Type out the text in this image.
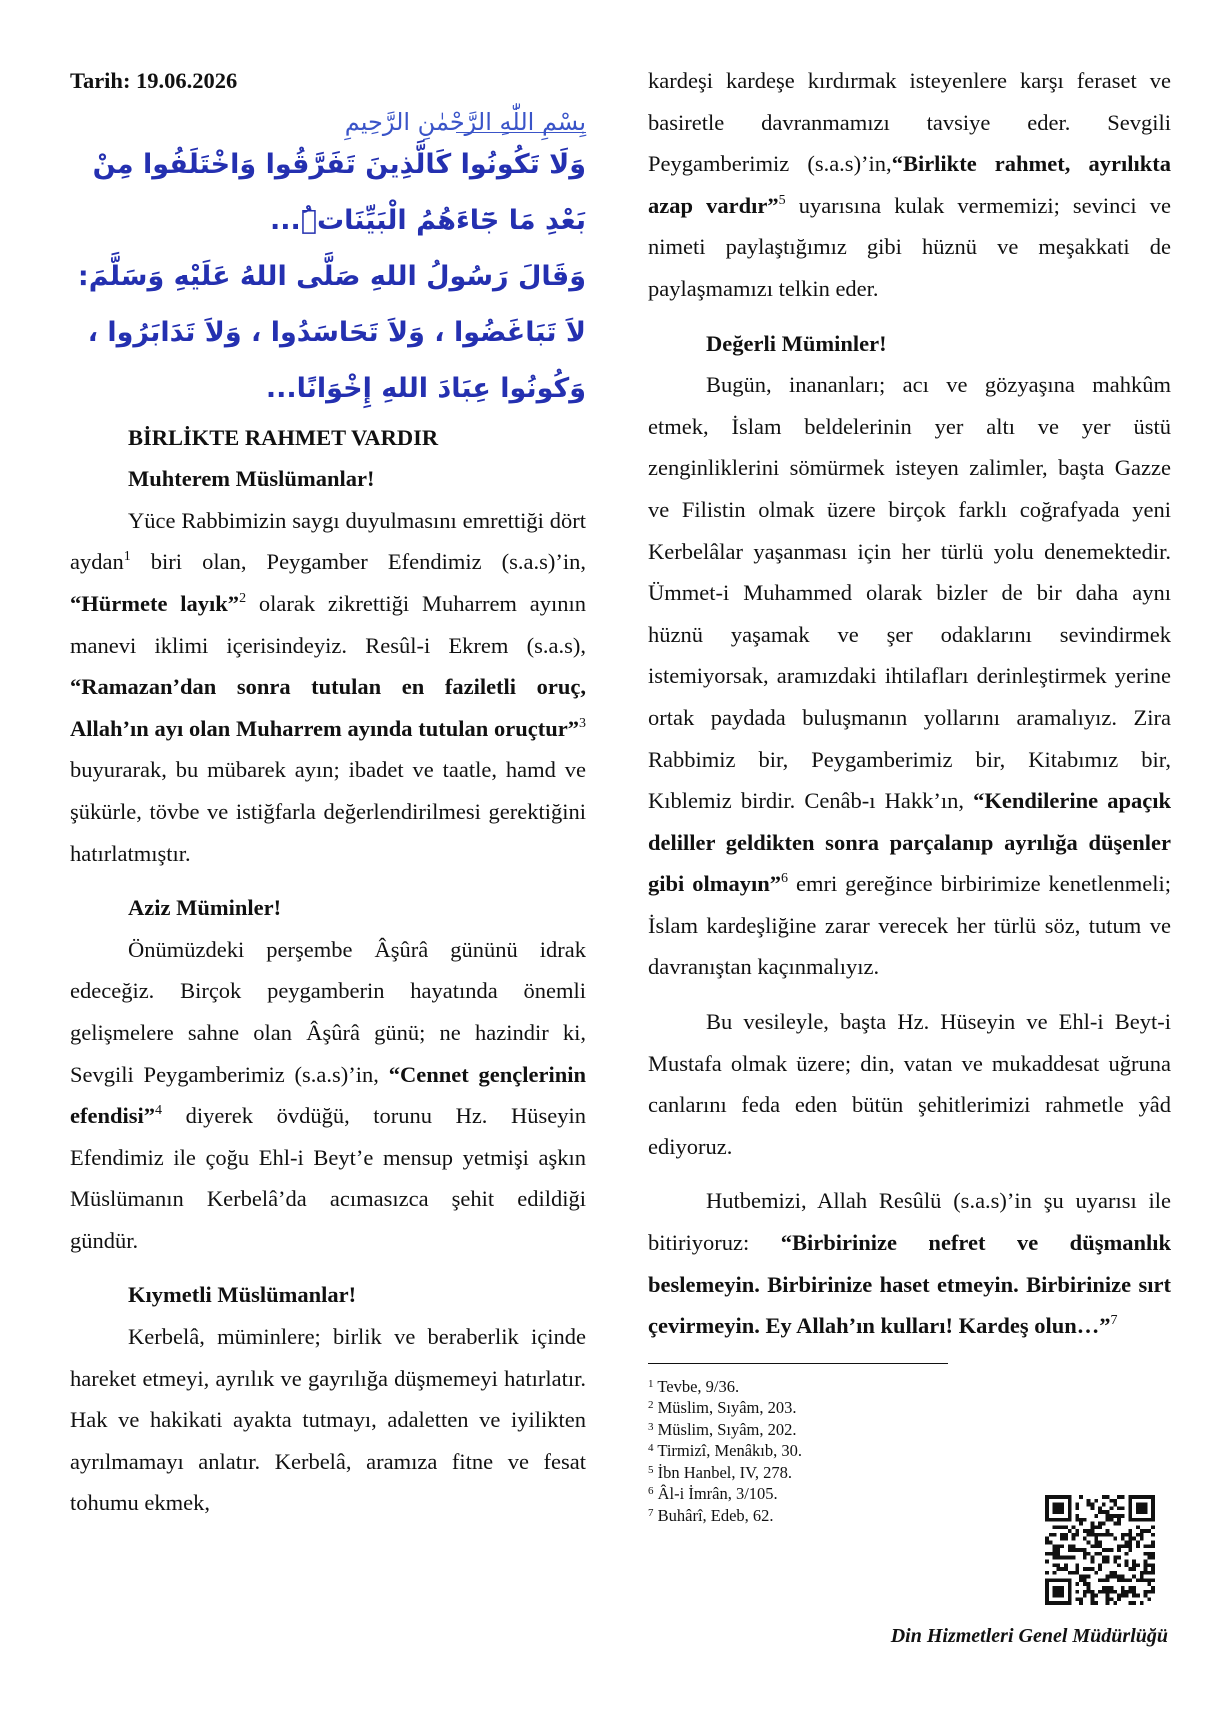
Tarih: 19.06.2026

بِسْمِ اللّٰهِ الرَّحْمٰنِ الرَّحِيمِ

وَلَا تَكُونُوا كَالَّذِينَ تَفَرَّقُوا وَاخْتَلَفُوا مِنْ بَعْدِ مَا جَٓاءَهُمُ الْبَيِّنَاتُۜ...

وَقَالَ رَسُولُ اللهِ صَلَّى اللهُ عَلَيْهِ وَسَلَّمَ:

لاَ تَبَاغَضُوا ، وَلاَ تَحَاسَدُوا ، وَلاَ تَدَابَرُوا ، وَكُونُوا عِبَادَ اللهِ إِخْوَانًا...

BİRLİKTE RAHMET VARDIR

Muhterem Müslümanlar!

Yüce Rabbimizin saygı duyulmasını emrettiği dört aydan$^1$ biri olan, Peygamber Efendimiz (s.a.s)’in, “Hürmete layık”$^2$ olarak zikrettiği Muharrem ayının manevi iklimi içerisindeyiz. Resûl-i Ekrem (s.a.s), “Ramazan’dan sonra tutulan en faziletli oruç, Allah’ın ayı olan Muharrem ayında tutulan oruçtur”$^3$ buyurarak, bu mübarek ayın; ibadet ve taatle, hamd ve şükürle, tövbe ve istiğfarla değerlendirilmesi gerektiğini hatırlatmıştır.

Aziz Müminler!

Önümüzdeki perşembe Âşûrâ gününü idrak edeceğiz. Birçok peygamberin hayatında önemli gelişmelere sahne olan Âşûrâ günü; ne hazindir ki, Sevgili Peygamberimiz (s.a.s)’in, “Cennet gençlerinin efendisi”$^4$ diyerek övdüğü, torunu Hz. Hüseyin Efendimiz ile çoğu Ehl-i Beyt’e mensup yetmişi aşkın Müslümanın Kerbelâ’da acımasızca şehit edildiği gündür.

Kıymetli Müslümanlar!

Kerbelâ, müminlere; birlik ve beraberlik içinde hareket etmeyi, ayrılık ve gayrılığa düşmemeyi hatırlatır. Hak ve hakikati ayakta tutmayı, adaletten ve iyilikten ayrılmamayı anlatır. Kerbelâ, aramıza fitne ve fesat tohumu ekmek,

kardeşi kardeşe kırdırmak isteyenlere karşı feraset ve basiretle davranmamızı tavsiye eder. Sevgili Peygamberimiz (s.a.s)’in,“Birlikte rahmet, ayrılıkta azap vardır”$^5$ uyarısına kulak vermemizi; sevinci ve nimeti paylaştığımız gibi hüznü ve meşakkati de paylaşmamızı telkin eder.

Değerli Müminler!

Bugün, inananları; acı ve gözyaşına mahkûm etmek, İslam beldelerinin yer altı ve yer üstü zenginliklerini sömürmek isteyen zalimler, başta Gazze ve Filistin olmak üzere birçok farklı coğrafyada yeni Kerbelâlar yaşanması için her türlü yolu denemektedir. Ümmet-i Muhammed olarak bizler de bir daha aynı hüznü yaşamak ve şer odaklarını sevindirmek istemiyorsak, aramızdaki ihtilafları derinleştirmek yerine ortak paydada buluşmanın yollarını aramalıyız. Zira Rabbimiz bir, Peygamberimiz bir, Kitabımız bir, Kıblemiz birdir. Cenâb-ı Hakk’ın, “Kendilerine apaçık deliller geldikten sonra parçalanıp ayrılığa düşenler gibi olmayın”$^6$ emri gereğince birbirimize kenetlenmeli; İslam kardeşliğine zarar verecek her türlü söz, tutum ve davranıştan kaçınmalıyız.

Bu vesileyle, başta Hz. Hüseyin ve Ehl-i Beyt-i Mustafa olmak üzere; din, vatan ve mukaddesat uğruna canlarını feda eden bütün şehitlerimizi rahmetle yâd ediyoruz.

Hutbemizi, Allah Resûlü (s.a.s)’in şu uyarısı ile bitiriyoruz: “Birbirinize nefret ve düşmanlık beslemeyin. Birbirinize haset etmeyin. Birbirinize sırt çevirmeyin. Ey Allah’ın kulları! Kardeş olun…”$^7$

$^1$ Tevbe, 9/36.

$^2$ Müslim, Sıyâm, 203.

$^3$ Müslim, Sıyâm, 202.

$^4$ Tirmizî, Menâkıb, 30.

$^5$ İbn Hanbel, IV, 278.

$^6$ Âl-i İmrân, 3/105.

$^7$ Buhârî, Edeb, 62.

Din Hizmetleri Genel Müdürlüğü
